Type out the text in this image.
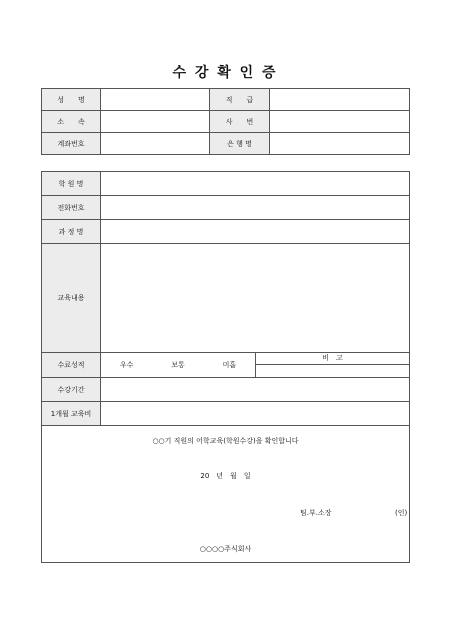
수 강 확 인 증
성　　명		직　　급	
소　　속		사　　번	
계좌번호		은 행 명	
학 원 명	
전화번호	
과 정 명	
교육내용	
수료성적		우수	보통	미흡

비　고

수강기간	
1개월 교육비	

○○기 직원의 어학교육(학원수강)을 확인합니다
20　년　월　일
팀.부.소장	(인)
○○○○주식회사
